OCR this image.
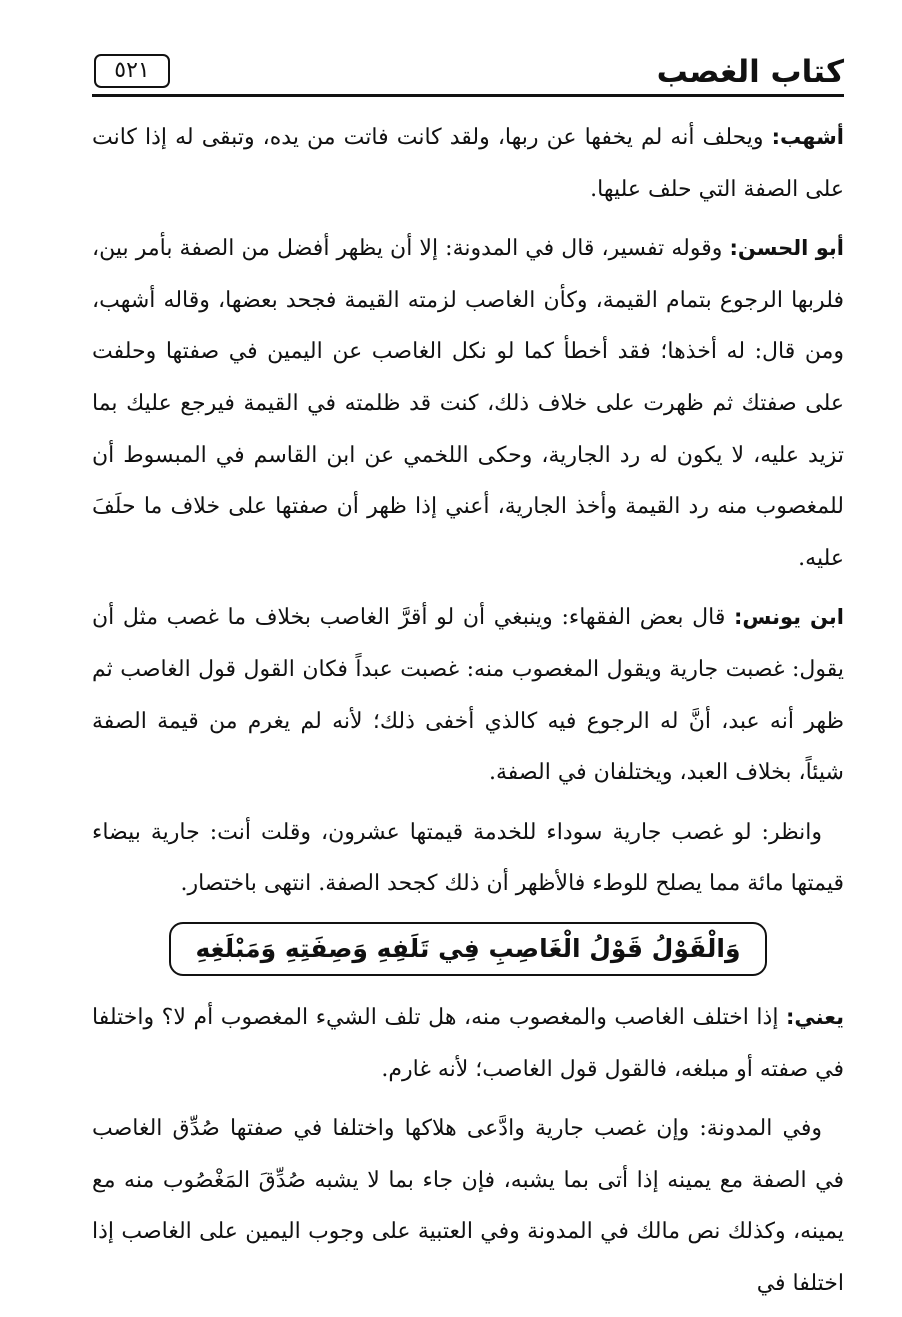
كتاب الغصب
٥٢١

أشهب: ويحلف أنه لم يخفها عن ربها، ولقد كانت فاتت من يده، وتبقى له إذا كانت على الصفة التي حلف عليها.

أبو الحسن: وقوله تفسير، قال في المدونة: إلا أن يظهر أفضل من الصفة بأمر بين، فلربها الرجوع بتمام القيمة، وكأن الغاصب لزمته القيمة فجحد بعضها، وقاله أشهب، ومن قال: له أخذها؛ فقد أخطأ كما لو نكل الغاصب عن اليمين في صفتها وحلفت على صفتك ثم ظهرت على خلاف ذلك، كنت قد ظلمته في القيمة فيرجع عليك بما تزيد عليه، لا يكون له رد الجارية، وحكى اللخمي عن ابن القاسم في المبسوط أن للمغصوب منه رد القيمة وأخذ الجارية، أعني إذا ظهر أن صفتها على خلاف ما حلَفَ عليه.

ابن يونس: قال بعض الفقهاء: وينبغي أن لو أقرَّ الغاصب بخلاف ما غصب مثل أن يقول: غصبت جارية ويقول المغصوب منه: غصبت عبداً فكان القول قول الغاصب ثم ظهر أنه عبد، أنَّ له الرجوع فيه كالذي أخفى ذلك؛ لأنه لم يغرم من قيمة الصفة شيئاً، بخلاف العبد، ويختلفان في الصفة.

وانظر: لو غصب جارية سوداء للخدمة قيمتها عشرون، وقلت أنت: جارية بيضاء قيمتها مائة مما يصلح للوطء فالأظهر أن ذلك كجحد الصفة. انتهى باختصار.

وَالْقَوْلُ قَوْلُ الْغَاصِبِ فِي تَلَفِهِ وَصِفَتِهِ وَمَبْلَغِهِ

يعني: إذا اختلف الغاصب والمغصوب منه، هل تلف الشيء المغصوب أم لا؟ واختلفا في صفته أو مبلغه، فالقول قول الغاصب؛ لأنه غارم.

وفي المدونة: وإن غصب جارية وادَّعى هلاكها واختلفا في صفتها صُدِّق الغاصب في الصفة مع يمينه إذا أتى بما يشبه، فإن جاء بما لا يشبه صُدِّقَ المَغْصُوب منه مع يمينه، وكذلك نص مالك في المدونة وفي العتبية على وجوب اليمين على الغاصب إذا اختلفا في
